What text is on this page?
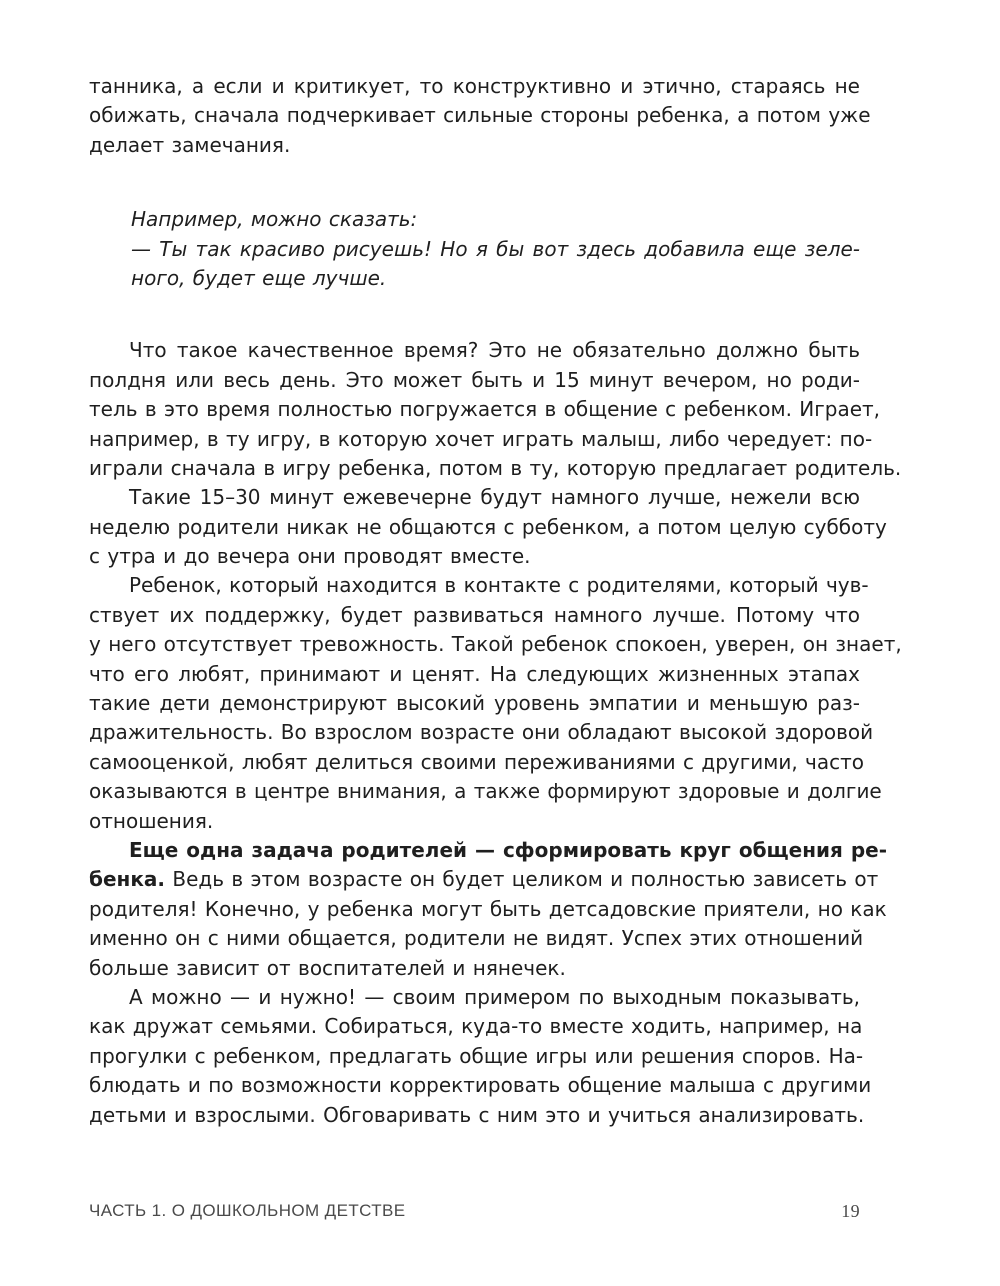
танника, а если и критикует, то конструктивно и этично, стараясь не
обижать, сначала подчеркивает сильные стороны ребенка, а потом уже
делает замечания.
Например, можно сказать:
— Ты так красиво рисуешь! Но я бы вот здесь добавила еще зеле-
ного, будет еще лучше.
Что такое качественное время? Это не обязательно должно быть
полдня или весь день. Это может быть и 15 минут вечером, но роди-
тель в это время полностью погружается в общение с ребенком. Играет,
например, в ту игру, в которую хочет играть малыш, либо чередует: по-
играли сначала в игру ребенка, потом в ту, которую предлагает родитель.
Такие 15–30 минут ежевечерне будут намного лучше, нежели всю
неделю родители никак не общаются с ребенком, а потом целую субботу
с утра и до вечера они проводят вместе.
Ребенок, который находится в контакте с родителями, который чув-
ствует их поддержку, будет развиваться намного лучше. Потому что
у него отсутствует тревожность. Такой ребенок спокоен, уверен, он знает,
что его любят, принимают и ценят. На следующих жизненных этапах
такие дети демонстрируют высокий уровень эмпатии и меньшую раз-
дражительность. Во взрослом возрасте они обладают высокой здоровой
самооценкой, любят делиться своими переживаниями с другими, часто
оказываются в центре внимания, а также формируют здоровые и долгие
отношения.
Еще одна задача родителей — сформировать круг общения ре-
бенка. Ведь в этом возрасте он будет целиком и полностью зависеть от
родителя! Конечно, у ребенка могут быть детсадовские приятели, но как
именно он с ними общается, родители не видят. Успех этих отношений
больше зависит от воспитателей и нянечек.
А можно — и нужно! — своим примером по выходным показывать,
как дружат семьями. Собираться, куда-то вместе ходить, например, на
прогулки с ребенком, предлагать общие игры или решения споров. На-
блюдать и по возможности корректировать общение малыша с другими
детьми и взрослыми. Обговаривать с ним это и учиться анализировать.
ЧАСТЬ 1. О ДОШКОЛЬНОМ ДЕТСТВЕ	19
